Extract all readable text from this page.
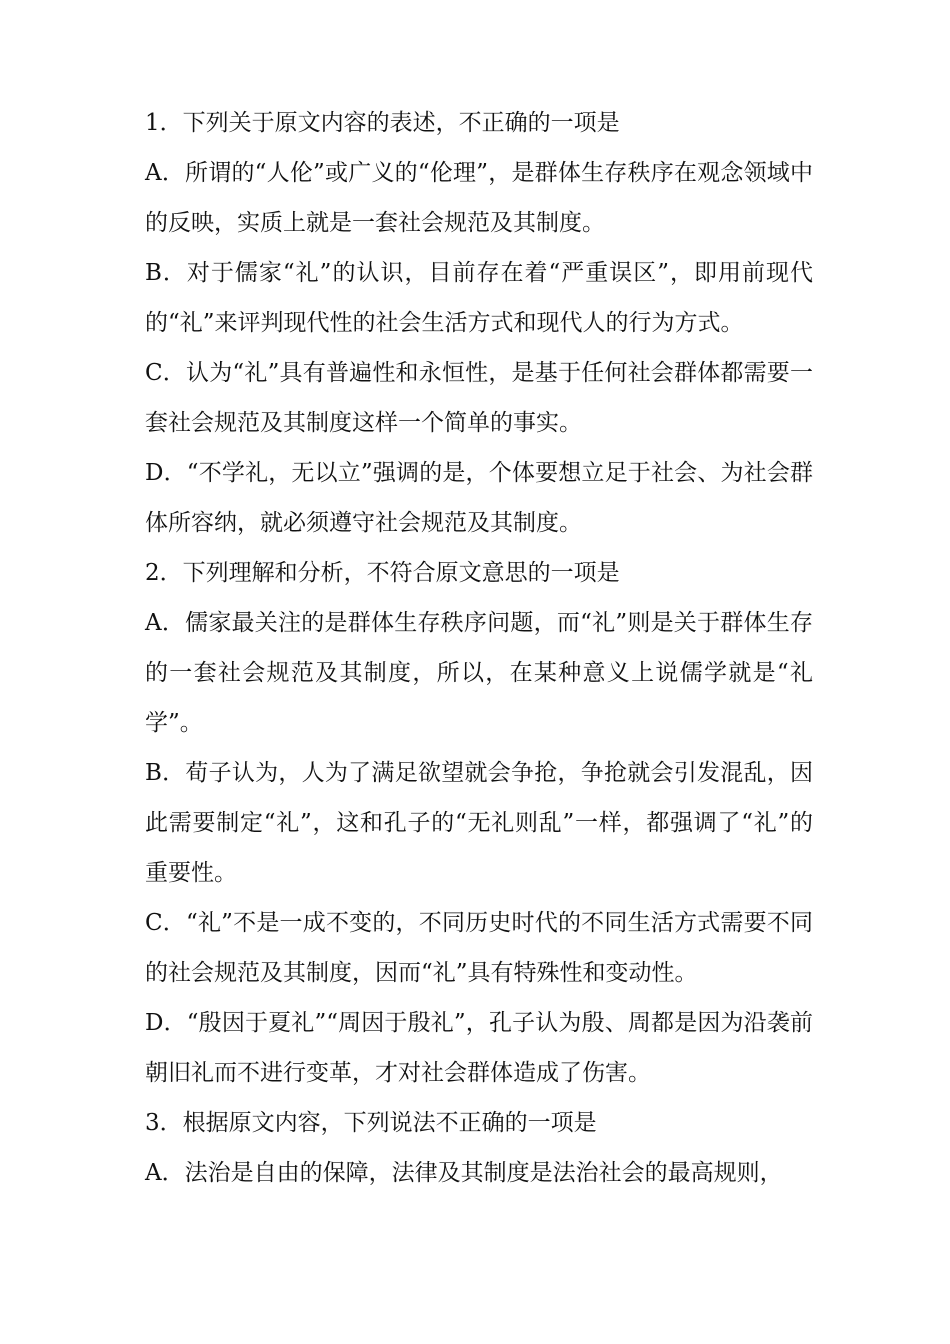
1．下列关于原文内容的表述，不正确的一项是

A．所谓的“人伦”或广义的“伦理”，是群体生存秩序在观念领域中的反映，实质上就是一套社会规范及其制度。

B．对于儒家“礼”的认识，目前存在着“严重误区”，即用前现代的“礼”来评判现代性的社会生活方式和现代人的行为方式。

C．认为“礼”具有普遍性和永恒性，是基于任何社会群体都需要一套社会规范及其制度这样一个简单的事实。

D．“不学礼，无以立”强调的是，个体要想立足于社会、为社会群体所容纳，就必须遵守社会规范及其制度。

2．下列理解和分析，不符合原文意思的一项是

A．儒家最关注的是群体生存秩序问题，而“礼”则是关于群体生存的一套社会规范及其制度，所以，在某种意义上说儒学就是“礼学”。

B．荀子认为，人为了满足欲望就会争抢，争抢就会引发混乱，因此需要制定“礼”，这和孔子的“无礼则乱”一样，都强调了“礼”的重要性。

C．“礼”不是一成不变的，不同历史时代的不同生活方式需要不同的社会规范及其制度，因而“礼”具有特殊性和变动性。

D．“殷因于夏礼”“周因于殷礼”，孔子认为殷、周都是因为沿袭前朝旧礼而不进行变革，才对社会群体造成了伤害。

3．根据原文内容，下列说法不正确的一项是

A．法治是自由的保障，法律及其制度是法治社会的最高规则，
